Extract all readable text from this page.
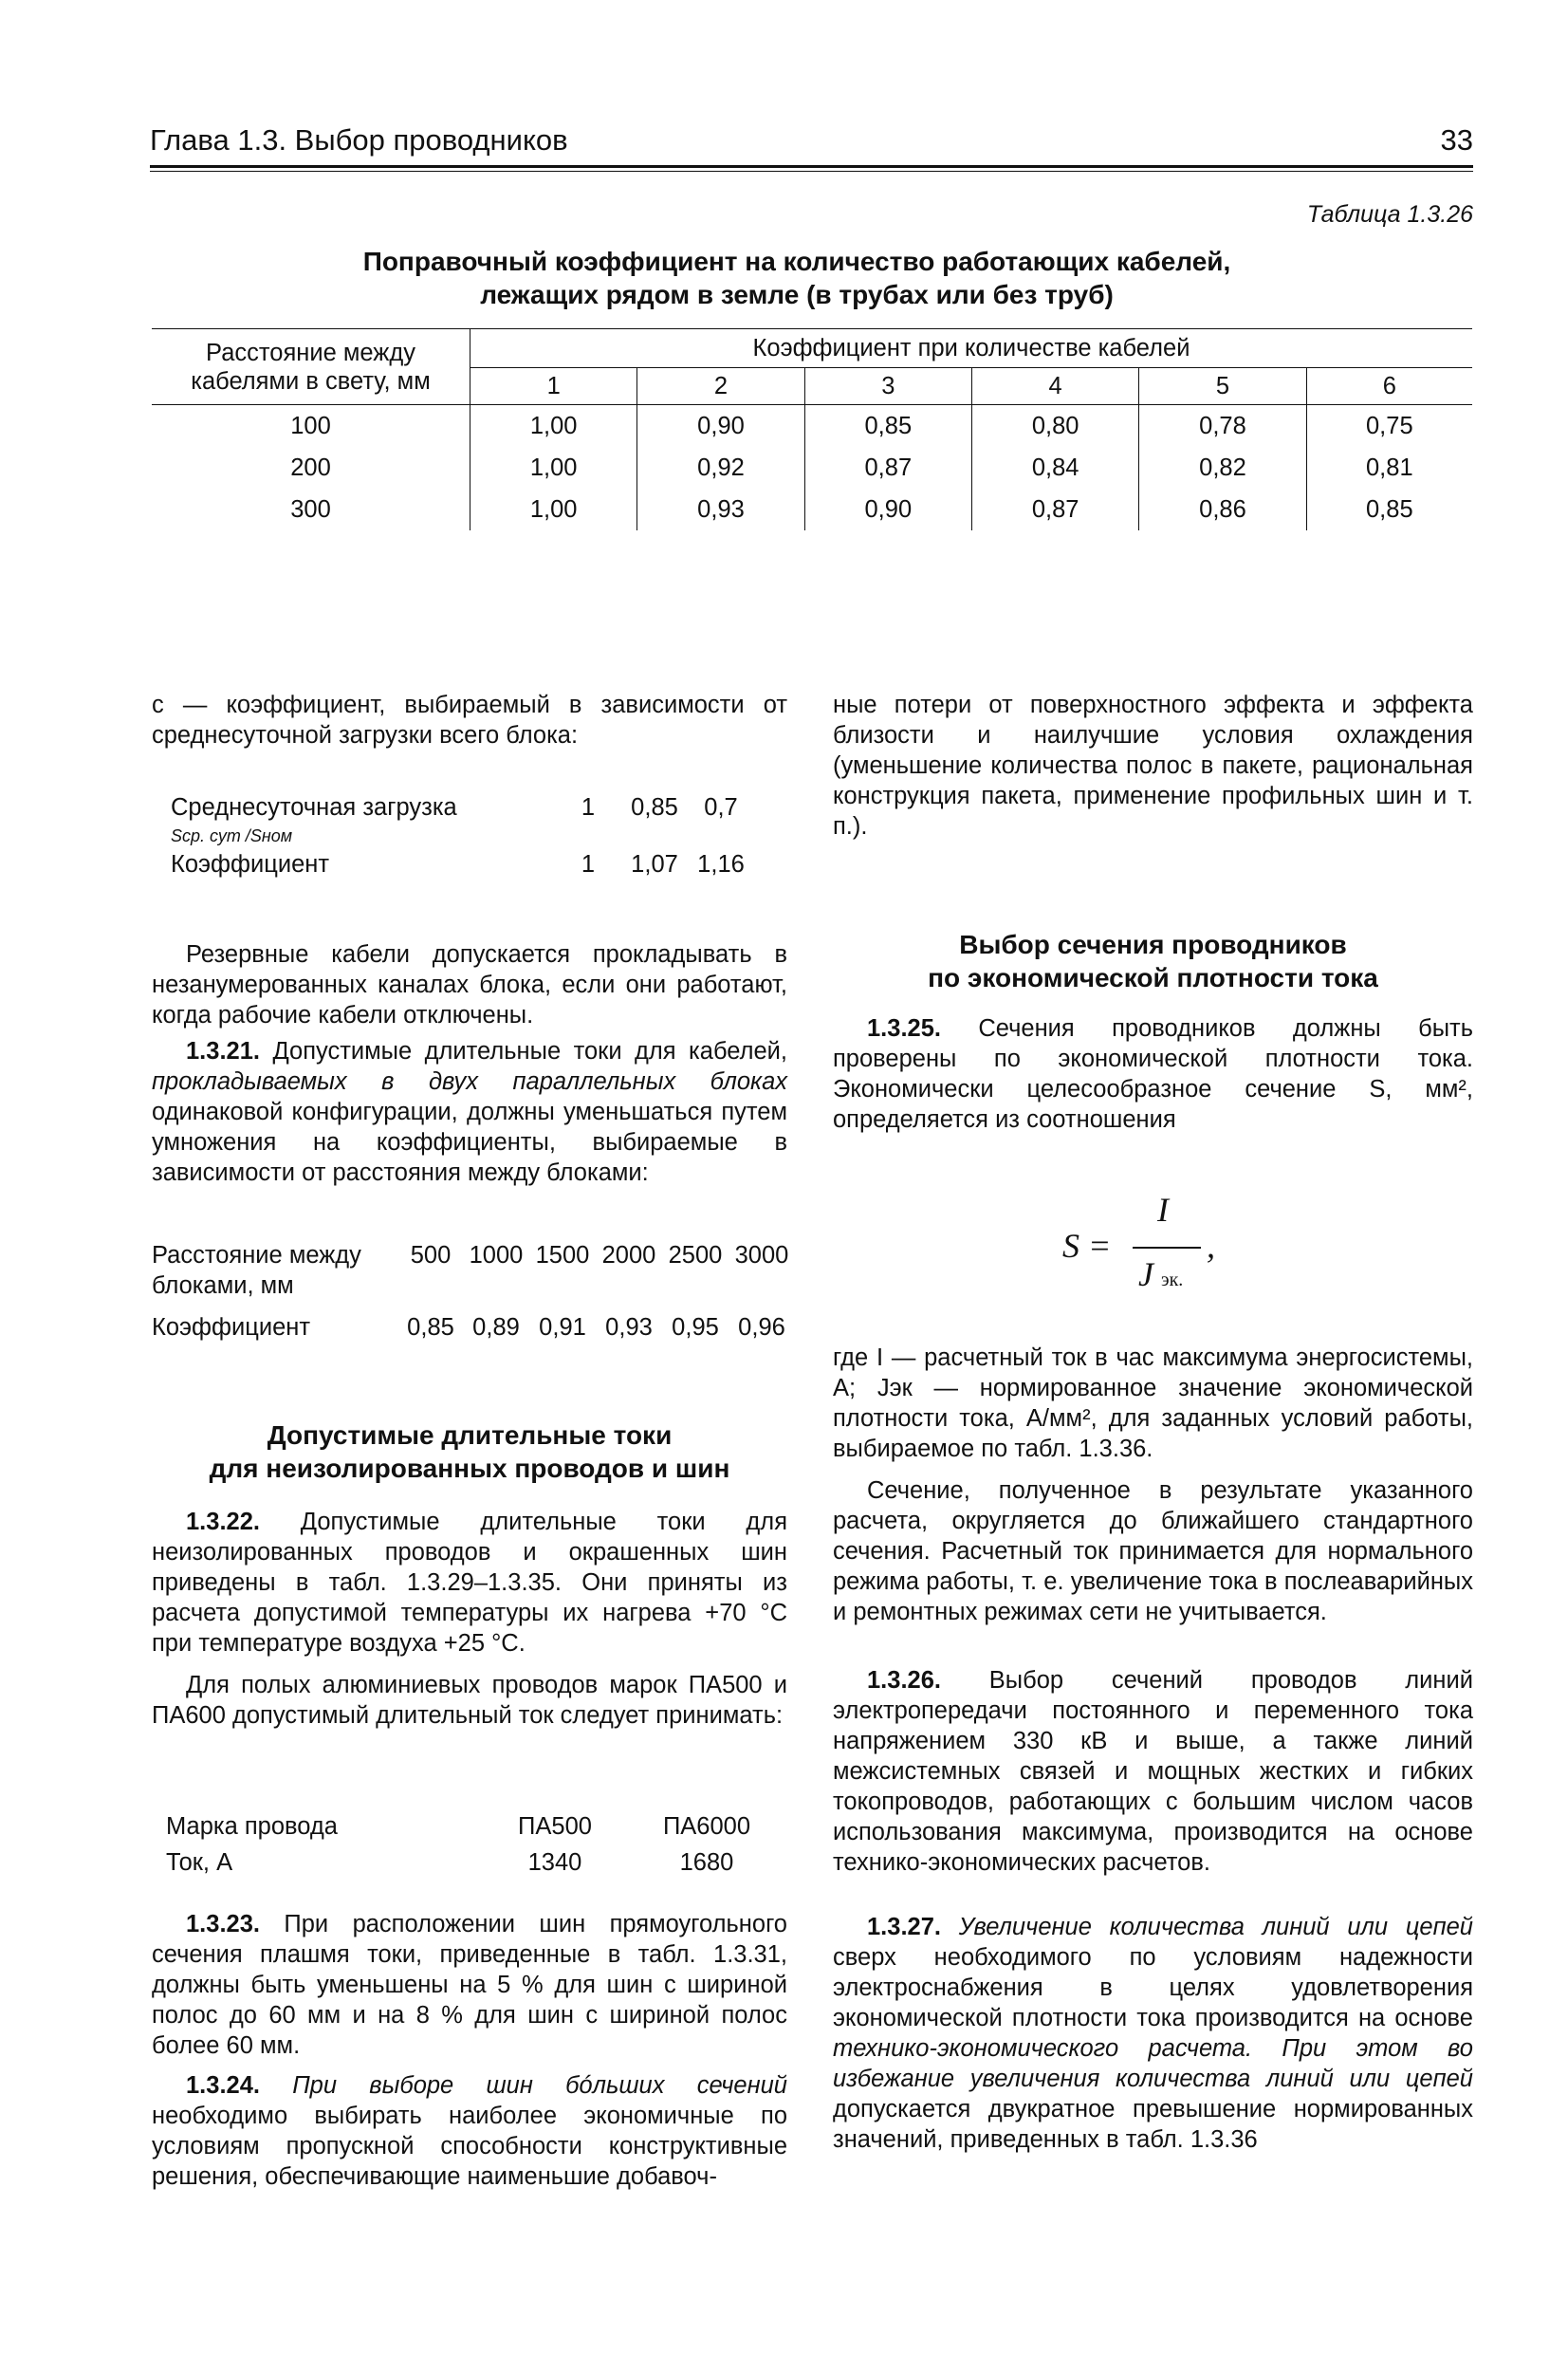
Глава 1.3. Выбор проводников	33
Таблица 1.3.26
Поправочный коэффициент на количество работающих кабелей,
лежащих рядом в земле (в трубах или без труб)
Расстояние между кабелями в свету, мм	Коэффициент при количестве кабелей					
	1	2	3	4	5	6
100	1,00	0,90	0,85	0,80	0,78	0,75
200	1,00	0,92	0,87	0,84	0,82	0,81
300	1,00	0,93	0,90	0,87	0,86	0,85
c — коэффициент, выбираемый в зависимости от среднесуточной загрузки всего блока:
Среднесуточная загрузка	1	0,85	0,7
Sср. сут /Sном			
Коэффициент	1	1,07	1,16
Резервные кабели допускается прокладывать в незанумерованных каналах блока, если они работают, когда рабочие кабели отключены.
1.3.21. Допустимые длительные токи для кабелей, прокладываемых в двух параллельных блоках одинаковой конфигурации, должны уменьшаться путем умножения на коэффициенты, выбираемые в зависимости от расстояния между блоками:
Расстояние между
блоками, мм	500	1000	1500	2000	2500	3000

Коэффициент	0,85	0,89	0,91	0,93	0,95	0,96
Допустимые длительные токи
для неизолированных проводов и шин
1.3.22. Допустимые длительные токи для неизолированных проводов и окрашенных шин приведены в табл. 1.3.29–1.3.35. Они приняты из расчета допустимой температуры их нагрева +70 °С при температуре воздуха +25 °С.
Для полых алюминиевых проводов марок ПА500 и ПА600 допустимый длительный ток следует принимать:
Марка провода	ПА500	ПА6000
Ток, А	1340	1680
1.3.23. При расположении шин прямоугольного сечения плашмя токи, приведенные в табл. 1.3.31, должны быть уменьшены на 5 % для шин с шириной полос до 60 мм и на 8 % для шин с шириной полос более 60 мм.
1.3.24. При выборе шин бóльших сечений необходимо выбирать наиболее экономичные по условиям пропускной способности конструктивные решения, обеспечивающие наименьшие добавоч-
ные потери от поверхностного эффекта и эффекта близости и наилучшие условия охлаждения (уменьшение количества полос в пакете, рациональная конструкция пакета, применение профильных шин и т. п.).
Выбор сечения проводников
по экономической плотности тока
1.3.25. Сечения проводников должны быть проверены по экономической плотности тока. Экономически целесообразное сечение S, мм², определяется из соотношения
S =
I
J эк.
,
где I — расчетный ток в час максимума энергосистемы, А; Jэк — нормированное значение экономической плотности тока, А/мм², для заданных условий работы, выбираемое по табл. 1.3.36.
Сечение, полученное в результате указанного расчета, округляется до ближайшего стандартного сечения. Расчетный ток принимается для нормального режима работы, т. е. увеличение тока в послеаварийных и ремонтных режимах сети не учитывается.
1.3.26. Выбор сечений проводов линий электропередачи постоянного и переменного тока напряжением 330 кВ и выше, а также линий межсистемных связей и мощных жестких и гибких токопроводов, работающих с большим числом часов использования максимума, производится на основе технико-экономических расчетов.
1.3.27. Увеличение количества линий или цепей сверх необходимого по условиям надежности электроснабжения в целях удовлетворения экономической плотности тока производится на основе технико-экономического расчета. При этом во избежание увеличения количества линий или цепей допускается двукратное превышение нормированных значений, приведенных в табл. 1.3.36
